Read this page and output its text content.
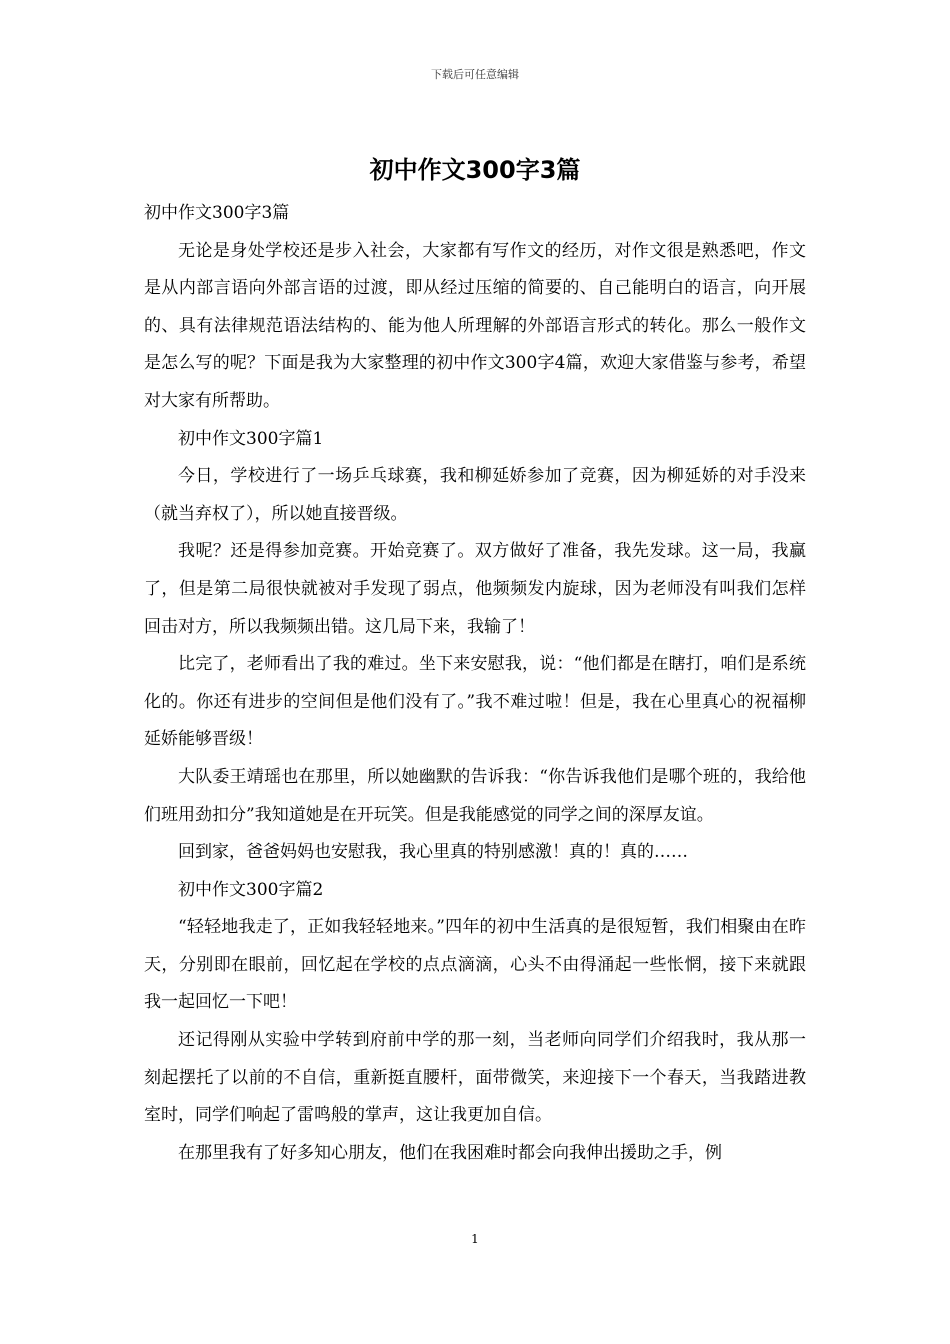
下载后可任意编辑
初中作文300字3篇

初中作文300字3篇

无论是身处学校还是步入社会，大家都有写作文的经历，对作文很是熟悉吧，作文是从内部言语向外部言语的过渡，即从经过压缩的简要的、自己能明白的语言，向开展的、具有法律规范语法结构的、能为他人所理解的外部语言形式的转化。那么一般作文是怎么写的呢？下面是我为大家整理的初中作文300字4篇，欢迎大家借鉴与参考，希望对大家有所帮助。

初中作文300字篇1

今日，学校进行了一场乒乓球赛，我和柳延娇参加了竞赛，因为柳延娇的对手没来（就当弃权了），所以她直接晋级。

我呢？还是得参加竞赛。开始竞赛了。双方做好了准备，我先发球。这一局，我赢了，但是第二局很快就被对手发现了弱点，他频频发内旋球，因为老师没有叫我们怎样回击对方，所以我频频出错。这几局下来，我输了！

比完了，老师看出了我的难过。坐下来安慰我，说：“他们都是在瞎打，咱们是系统化的。你还有进步的空间但是他们没有了。”我不难过啦！但是，我在心里真心的祝福柳延娇能够晋级！

大队委王靖瑶也在那里，所以她幽默的告诉我：“你告诉我他们是哪个班的，我给他们班用劲扣分”我知道她是在开玩笑。但是我能感觉的同学之间的深厚友谊。

回到家，爸爸妈妈也安慰我，我心里真的特别感激！真的！真的……

初中作文300字篇2

“轻轻地我走了，正如我轻轻地来。”四年的初中生活真的是很短暂，我们相聚由在昨天，分别即在眼前，回忆起在学校的点点滴滴，心头不由得涌起一些怅惘，接下来就跟我一起回忆一下吧！

还记得刚从实验中学转到府前中学的那一刻，当老师向同学们介绍我时，我从那一刻起摆托了以前的不自信，重新挺直腰杆，面带微笑，来迎接下一个春天，当我踏进教室时，同学们响起了雷鸣般的掌声，这让我更加自信。

在那里我有了好多知心朋友，他们在我困难时都会向我伸出援助之手，例

1
